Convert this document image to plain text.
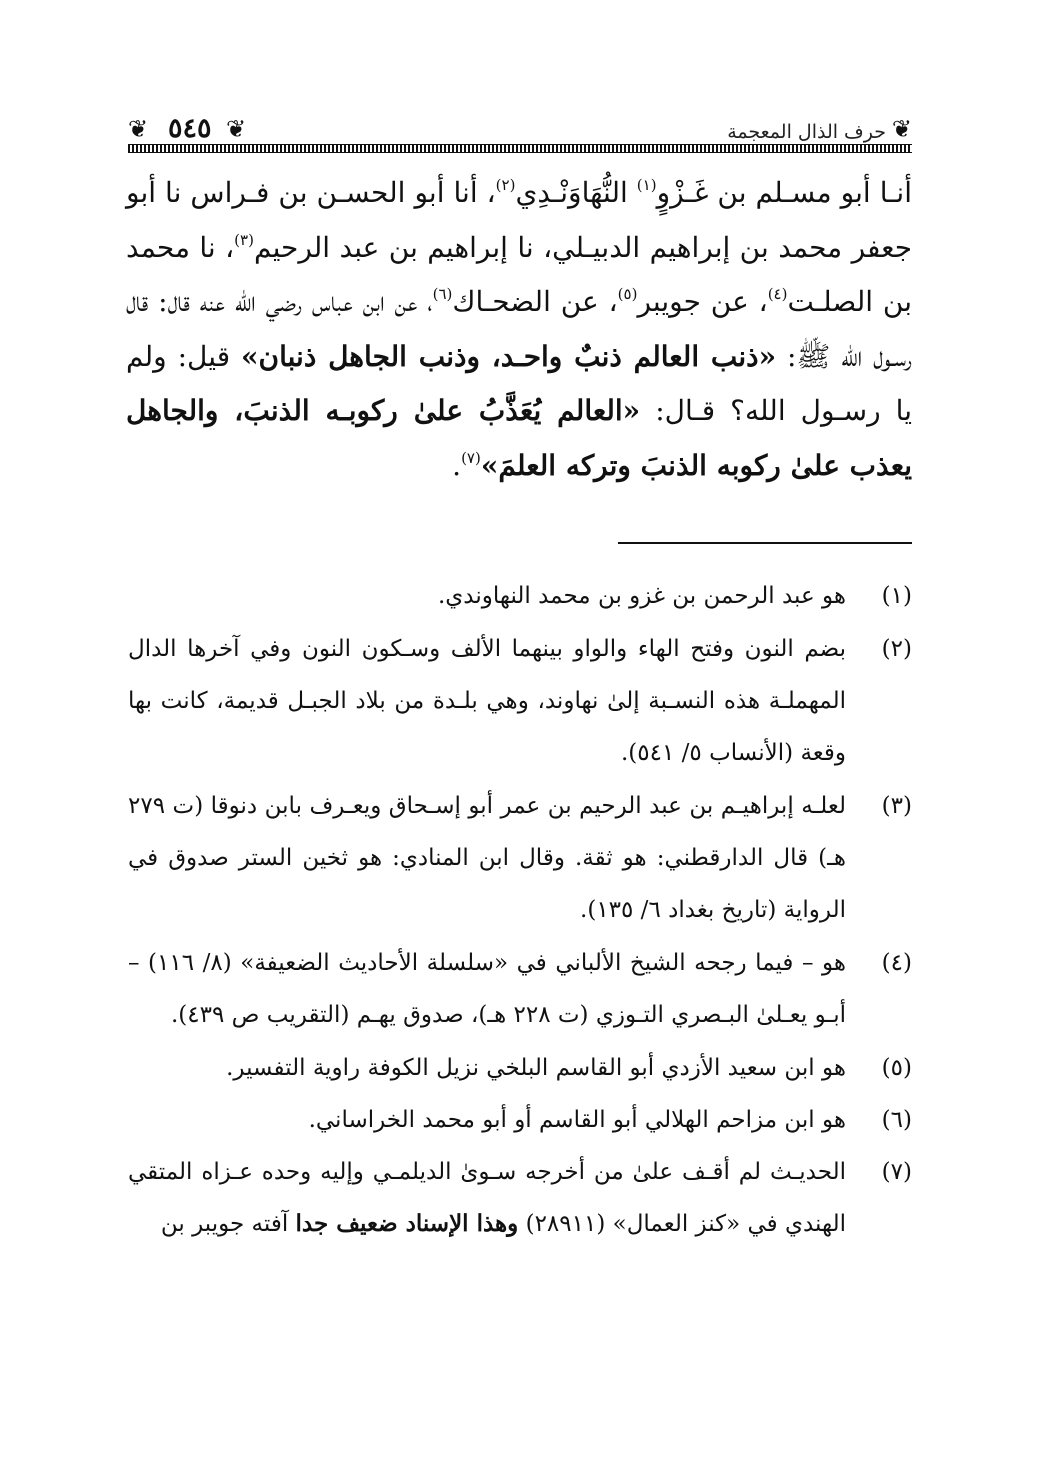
❦
حرف الذال المعجمة
❦
٥٤٥
❦
أنـا أبو مسـلم بن غَـزْوٍ$^{(١)}$ النُّهَاوَنْـدِي$^{(٢)}$، أنا أبو الحسـن بن فـراس نا أبو جعفر محمد بن إبراهيم الدبيـلي، نا إبراهيم بن عبد الرحيم$^{(٣)}$، نا محمد بن الصلـت$^{(٤)}$، عن جويبر$^{(٥)}$، عن الضحـاك$^{(٦)}$، عن ابن عباس رضي الله عنه قال: قال رسـول الله ﷺ: «ذنب العالم ذنبٌ واحـد، وذنب الجاهل ذنبان» قيل: ولم يا رسـول الله؟ قـال: «العالم يُعَذَّبُ علىٰ ركوبـه الذنبَ، والجاهل يعذب علىٰ ركوبه الذنبَ وتركه العلمَ»$^{(٧)}$.
(١)
هو عبد الرحمن بن غزو بن محمد النهاوندي.
(٢)
بضم النون وفتح الهاء والواو بينهما الألف وسـكون النون وفي آخرها الدال المهملـة هذه النسـبة إلىٰ نهاوند، وهي بلـدة من بلاد الجبـل قديمة، كانت بها وقعة (الأنساب ٥/ ٥٤١).
(٣)
لعلـه إبراهيـم بن عبد الرحيم بن عمر أبو إسـحاق ويعـرف بابن دنوقا (ت ٢٧٩ هـ) قال الدارقطني: هو ثقة. وقال ابن المنادي: هو ثخين الستر صدوق في الرواية (تاريخ بغداد ٦/ ١٣٥).
(٤)
هو – فيما رجحه الشيخ الألباني في «سلسلة الأحاديث الضعيفة» (٨/ ١١٦) – أبـو يعـلىٰ البـصري التـوزي (ت ٢٢٨ هـ)، صدوق يهـم (التقريب ص ٤٣٩).
(٥)
هو ابن سعيد الأزدي أبو القاسم البلخي نزيل الكوفة راوية التفسير.
(٦)
هو ابن مزاحم الهلالي أبو القاسم أو أبو محمد الخراساني.
(٧)
الحديـث لم أقـف علىٰ من أخرجه سـوىٰ الديلمـي وإليه وحده عـزاه المتقي الهندي في «كنز العمال» (٢٨٩١١) وهذا الإسناد ضعيف جدا آفته جويبر بن
